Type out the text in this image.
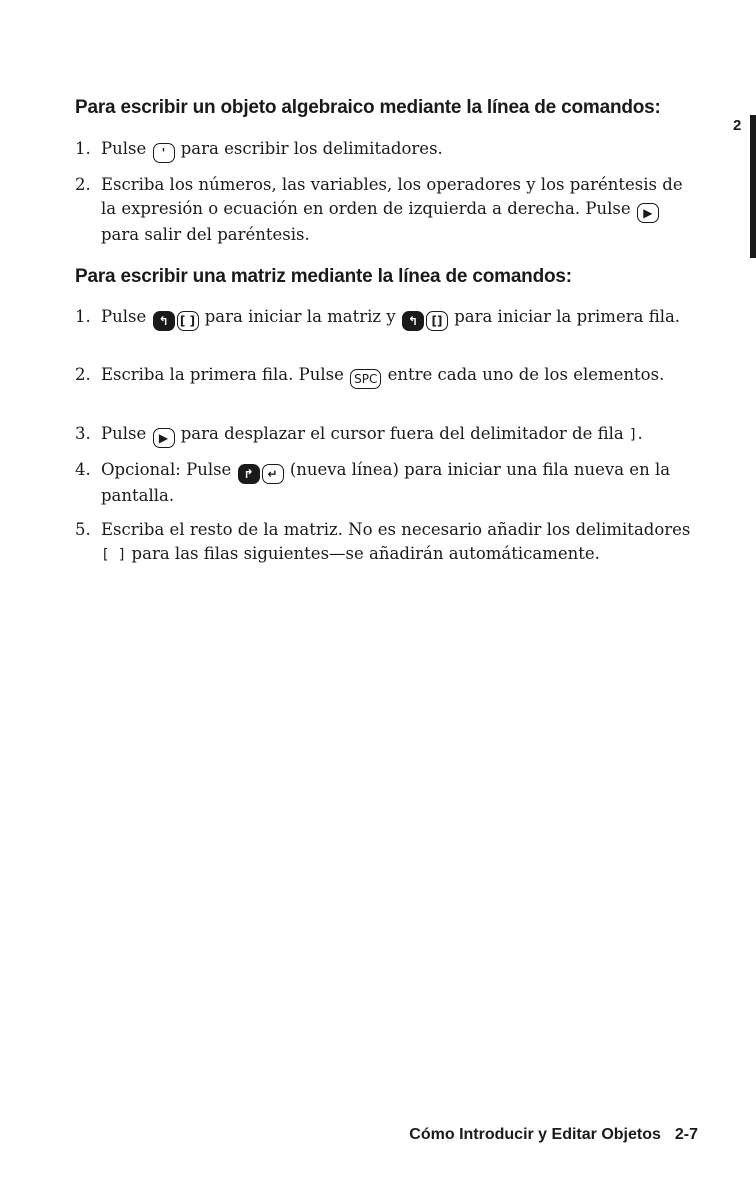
2
Para escribir un objeto algebraico mediante la línea de comandos:
1. Pulse ' para escribir los delimitadores.
2. Escriba los números, las variables, los operadores y los paréntesis de la expresión o ecuación en orden de izquierda a derecha. Pulse ▶ para salir del paréntesis.
Para escribir una matriz mediante la línea de comandos:
1. Pulse ↰ [ ] para iniciar la matriz y ↰ [] para iniciar la primera fila.
2. Escriba la primera fila. Pulse SPC entre cada uno de los elementos.
3. Pulse ▶ para desplazar el cursor fuera del delimitador de fila ].
4. Opcional: Pulse ↱ ↵ (nueva línea) para iniciar una fila nueva en la pantalla.
5. Escriba el resto de la matriz. No es necesario añadir los delimitadores [ ] para las filas siguientes—se añadirán automáticamente.
Cómo Introducir y Editar Objetos 2-7
